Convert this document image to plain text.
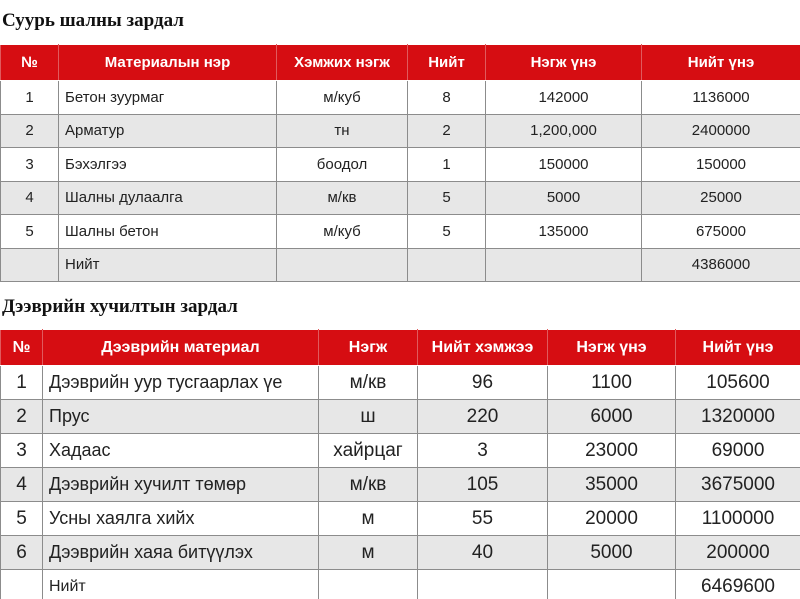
Суурь шалны зардал
№	Материалын нэр	Хэмжих нэгж	Нийт	Нэгж үнэ	Нийт үнэ
1	Бетон зуурмаг	м/куб	8	142000	1136000
2	Арматур	тн	2	1,200,000	2400000
3	Бэхэлгээ	боодол	1	150000	150000
4	Шалны дулаалга	м/кв	5	5000	25000
5	Шалны бетон	м/куб	5	135000	675000
	Нийт				4386000
Дээврийн хучилтын зардал
№	Дээврийн материал	Нэгж	Нийт хэмжээ	Нэгж үнэ	Нийт үнэ
1	Дээврийн уур тусгаарлах үе	м/кв	96	1100	105600
2	Прус	ш	220	6000	1320000
3	Хадаас	хайрцаг	3	23000	69000
4	Дээврийн хучилт төмөр	м/кв	105	35000	3675000
5	Усны хаялга хийх	м	55	20000	1100000
6	Дээврийн хаяа битүүлэх	м	40	5000	200000
	Нийт				6469600
